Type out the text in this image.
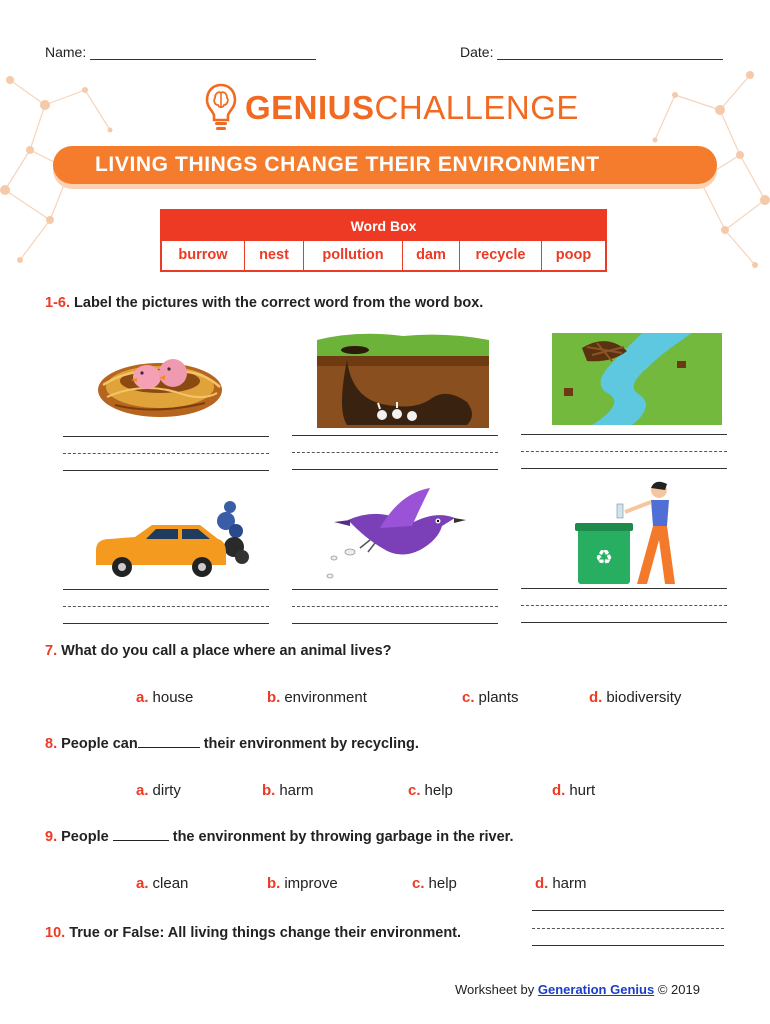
Name:	Date:
GENIUSCHALLENGE
LIVING THINGS CHANGE THEIR ENVIRONMENT
Word Box
burrow	nest	pollution	dam	recycle	poop
1-6. Label the pictures with the correct word from the word box.
♻
7. What do you call a place where an animal lives?
a. house	b. environment	c. plants	d. biodiversity
8. People can	their environment by recycling.
a. dirty	b. harm	c. help	d. hurt
9. People	the environment by throwing garbage in the river.
a. clean	b. improve	c. help	d. harm
10. True or False: All living things change their environment.
Worksheet by Generation Genius © 2019
